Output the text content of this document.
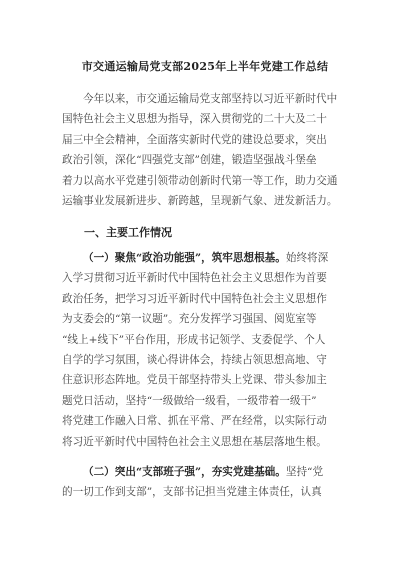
市交通运输局党支部2025年上半年党建工作总结
今年以来，市交通运输局党支部坚持以习近平新时代中
国特色社会主义思想为指导，深入贯彻党的二十大及二十
届三中全会精神，全面落实新时代党的建设总要求，突出
政治引领，深化“四强党支部”创建，锻造坚强战斗堡垒
着力以高水平党建引领带动创新时代第一等工作，助力交通
运输事业发展新进步、新跨越，呈现新气象、迸发新活力。
一、主要工作情况
（一）聚焦“政治功能强”，筑牢思想根基。始终将深
入学习贯彻习近平新时代中国特色社会主义思想作为首要
政治任务，把学习习近平新时代中国特色社会主义思想作
为支委会的“第一议题”。充分发挥学习强国、阅览室等
“线上+线下”平台作用，形成书记领学、支委促学、个人
自学的学习氛围，谈心得讲体会，持续占领思想高地、守
住意识形态阵地。党员干部坚持带头上党课、带头参加主
题党日活动，坚持“一级做给一级看，一级带着一级干”
将党建工作融入日常、抓在平常、严在经常，以实际行动
将习近平新时代中国特色社会主义思想在基层落地生根。
（二）突出“支部班子强”，夯实党建基础。坚持“党
的一切工作到支部”，支部书记担当党建主体责任，认真
